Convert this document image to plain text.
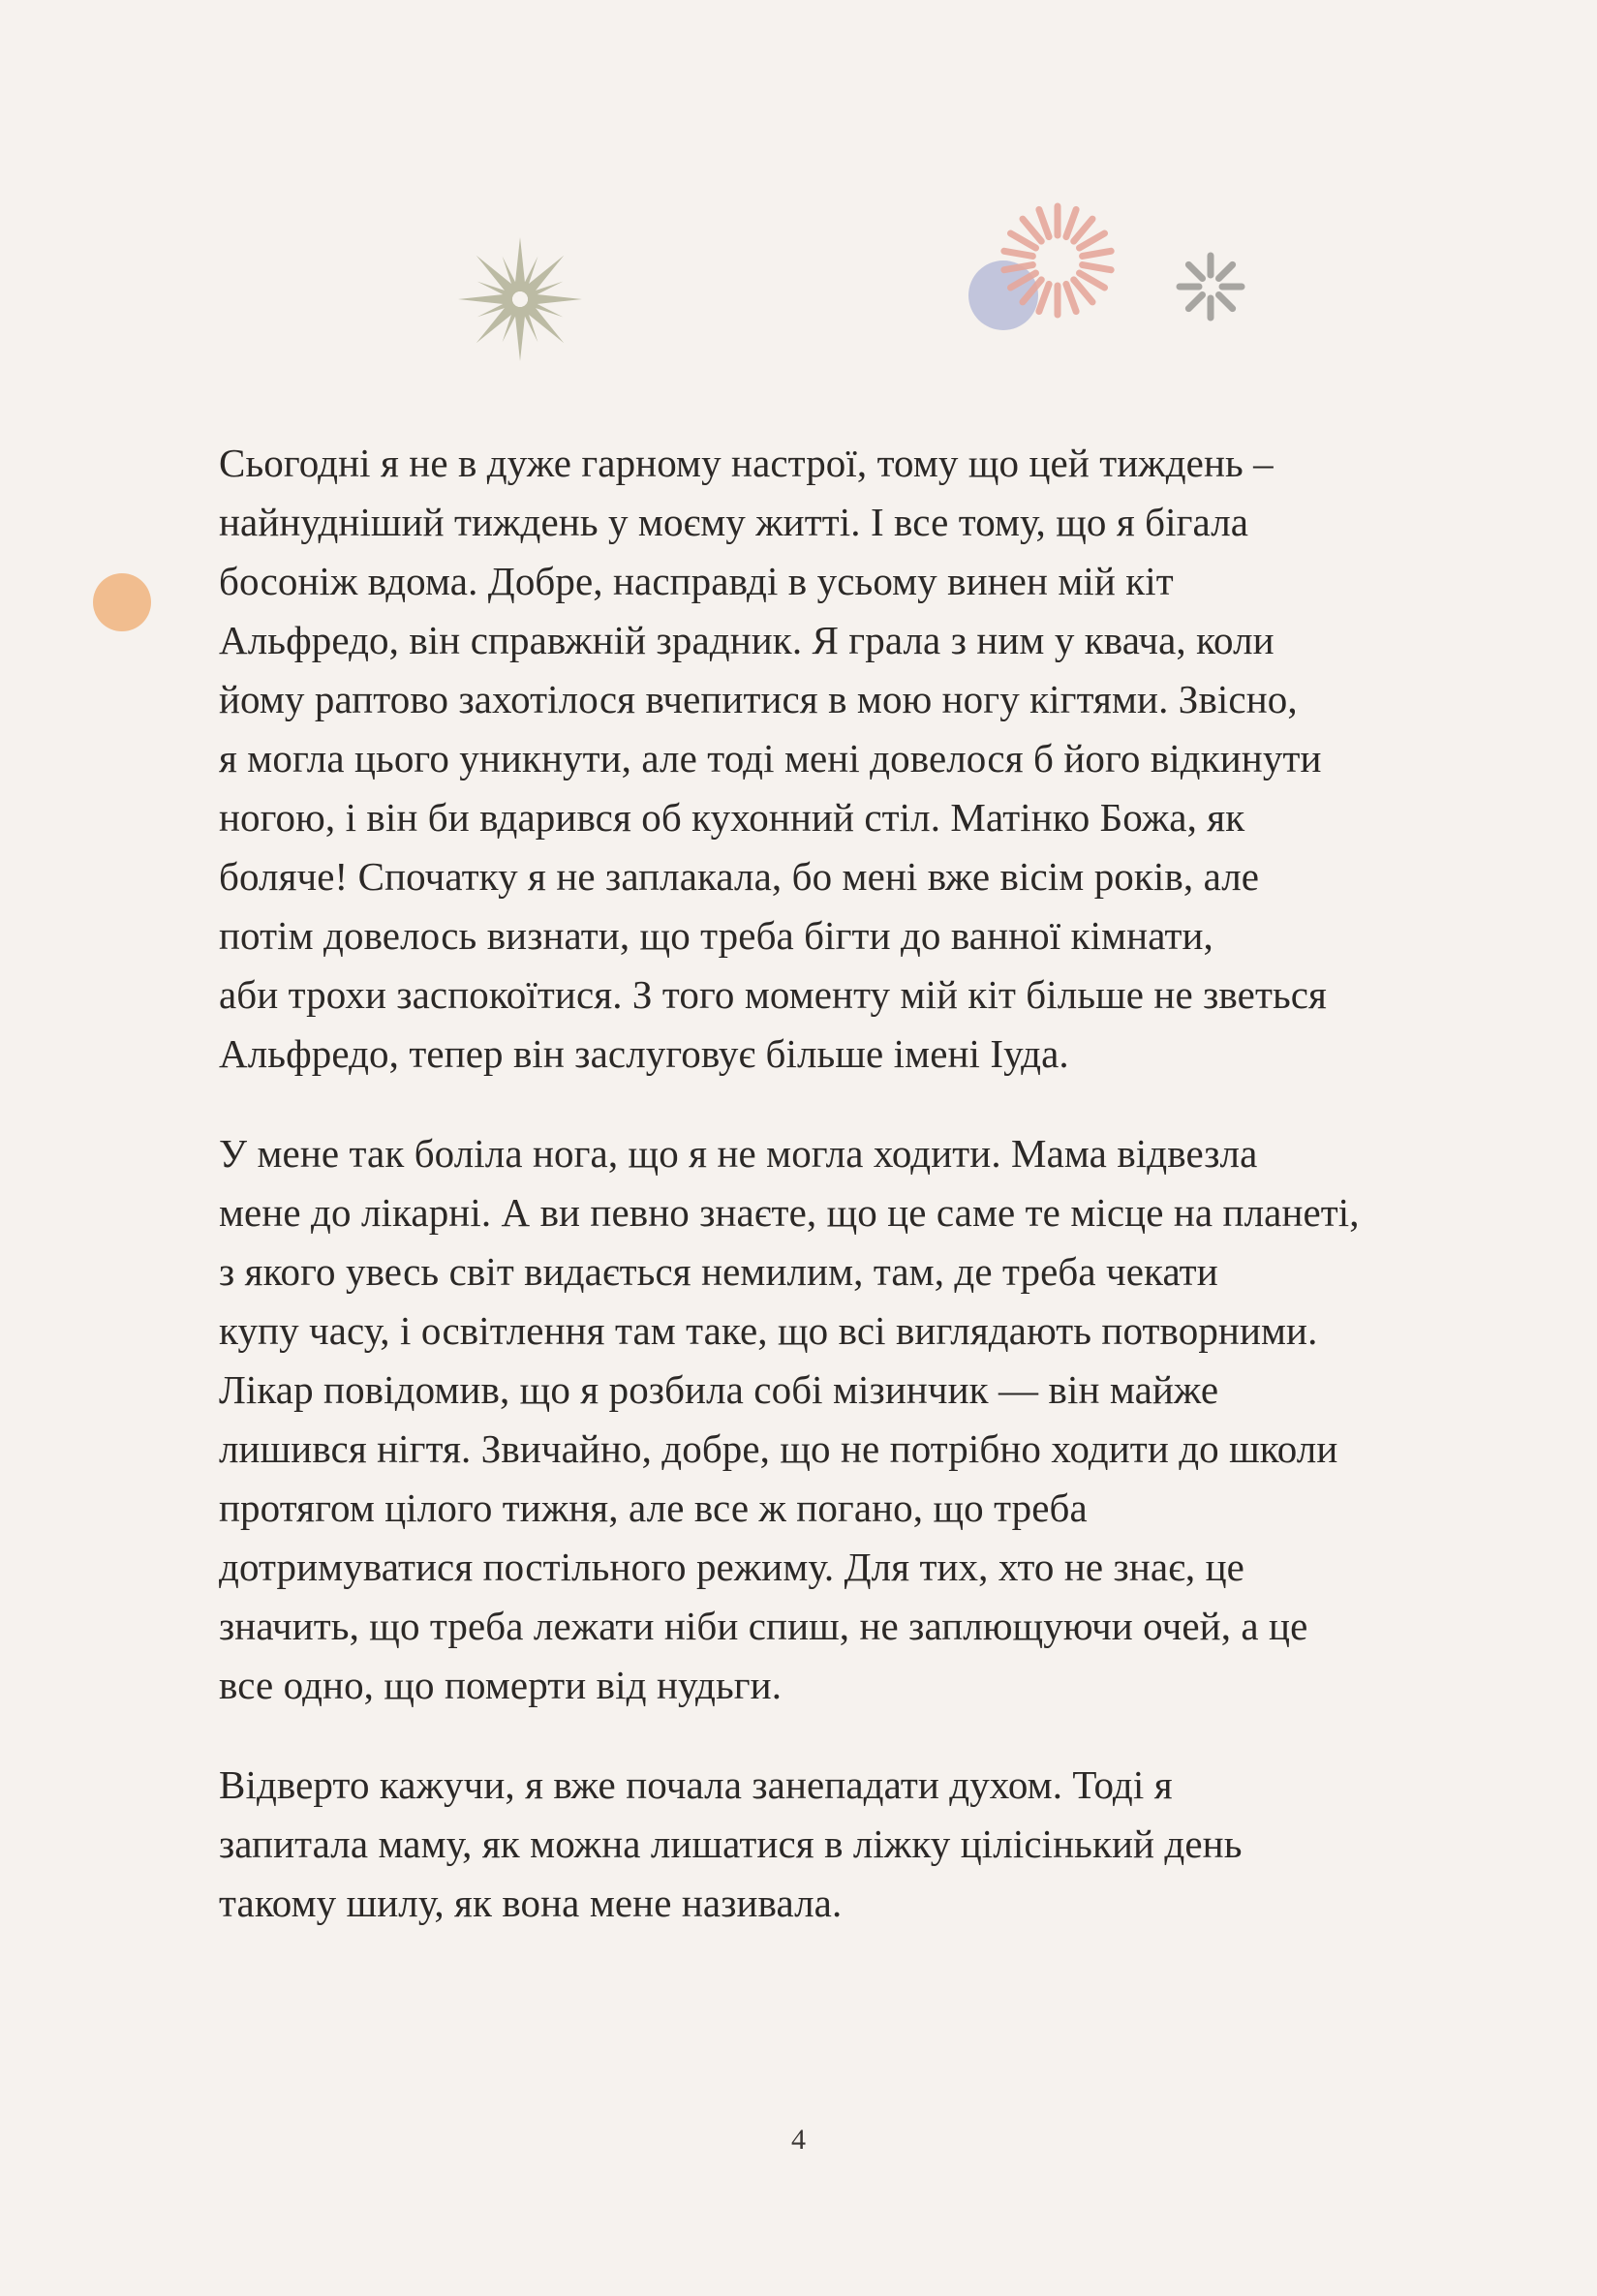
Сьогодні я не в дуже гарному настрої, тому що цей тиждень –
найнудніший тиждень у моєму житті. І все тому, що я бігала
босоніж вдома. Добре, насправді в усьому винен мій кіт
Альфредо, він справжній зрадник. Я грала з ним у квача, коли
йому раптово захотілося вчепитися в мою ногу кігтями. Звісно,
я могла цього уникнути, але тоді мені довелося б його відкинути
ногою, і він би вдарився об кухонний стіл. Матінко Божа, як
боляче! Спочатку я не заплакала, бо мені вже вісім років, але
потім довелось визнати, що треба бігти до ванної кімнати,
аби трохи заспокоїтися. З того моменту мій кіт більше не зветься
Альфредо, тепер він заслуговує більше імені Іуда.

У мене так боліла нога, що я не могла ходити. Мама відвезла
мене до лікарні. А ви певно знаєте, що це саме те місце на планеті,
з якого увесь світ видається немилим, там, де треба чекати
купу часу, і освітлення там таке, що всі виглядають потворними.
Лікар повідомив, що я розбила собі мізинчик — він майже
лишився нігтя. Звичайно, добре, що не потрібно ходити до школи
протягом цілого тижня, але все ж погано, що треба
дотримуватися постільного режиму. Для тих, хто не знає, це
значить, що треба лежати ніби спиш, не заплющуючи очей, а це
все одно, що померти від нудьги.

Відверто кажучи, я вже почала занепадати духом. Тоді я
запитала маму, як можна лишатися в ліжку цілісінький день
такому шилу, як вона мене називала.

4
